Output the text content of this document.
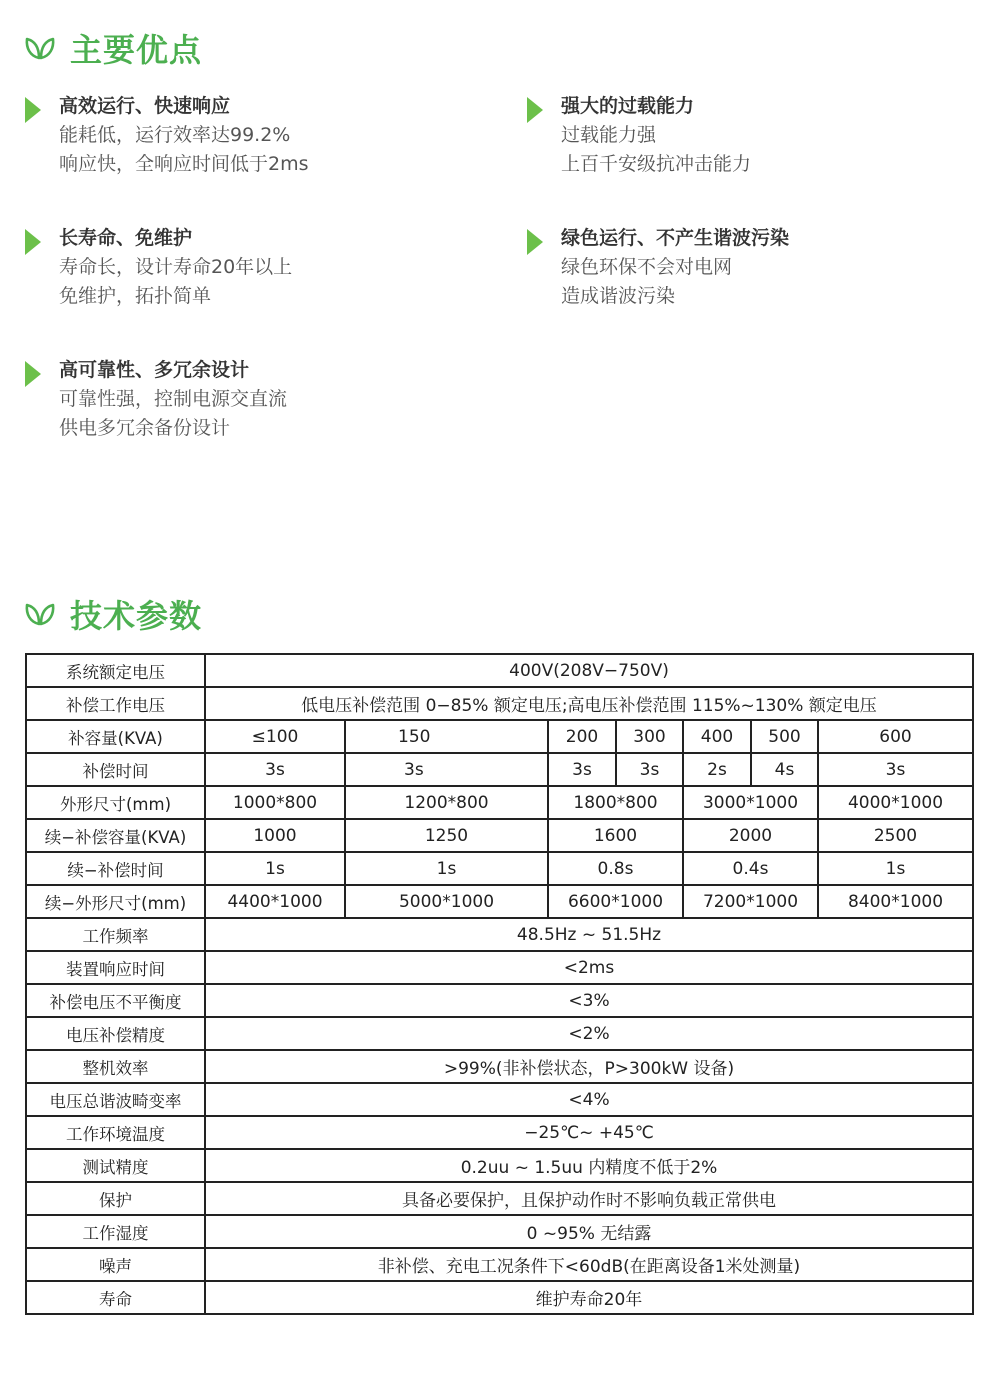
主要优点
高效运行、快速响应
能耗低，运行效率达99.2%
响应快，全响应时间低于2ms
强大的过载能力
过载能力强
上百千安级抗冲击能力
长寿命、免维护
寿命长，设计寿命20年以上
免维护，拓扑简单
绿色运行、不产生谐波污染
绿色环保不会对电网
造成谐波污染
高可靠性、多冗余设计
可靠性强，控制电源交直流
供电多冗余备份设计
技术参数
系统额定电压	400V(208V−750V)							
补偿工作电压	低电压补偿范围 0−85% 额定电压;高电压补偿范围 115%~130% 额定电压							
补容量(KVA)	≤100	150	200	300	400	500	600	
补偿时间	3s	3s	3s	3s	2s	4s	3s	
外形尺寸(mm)	1000*800	1200*800	1800*800		3000*1000		4000*1000	
续−补偿容量(KVA)	1000	1250	1600		2000		2500	
续−补偿时间	1s	1s	0.8s		0.4s		1s	
续−外形尺寸(mm)	4400*1000	5000*1000	6600*1000		7200*1000		8400*1000	
工作频率	48.5Hz ~ 51.5Hz							
装置响应时间	<2ms							
补偿电压不平衡度	<3%							
电压补偿精度	<2%							
整机效率	>99%(非补偿状态，P>300kW 设备)							
电压总谐波畸变率	<4%							
工作环境温度	−25℃~ +45℃							
测试精度	0.2uu ~ 1.5uu 内精度不低于2%							
保护	具备必要保护，且保护动作时不影响负载正常供电							
工作湿度	0 ~95% 无结露							
噪声	非补偿、充电工况条件下<60dB(在距离设备1米处测量)							
寿命	维护寿命20年							
